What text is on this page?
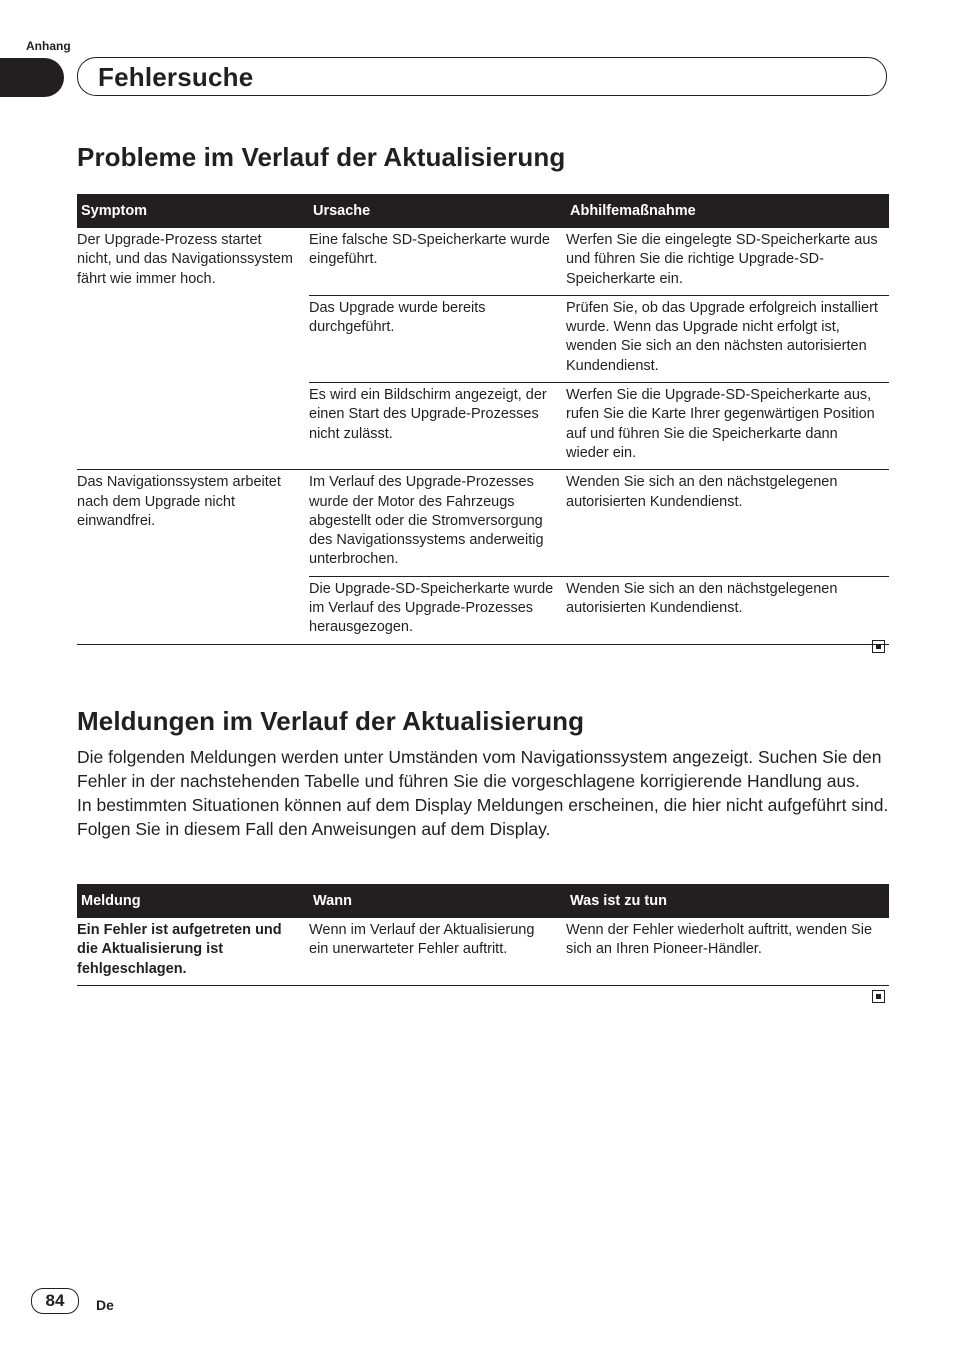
Anhang
Fehlersuche
Probleme im Verlauf der Aktualisierung
Symptom	Ursache	Abhilfemaßnahme
Der Upgrade-Prozess startet nicht, und das Navigationssystem fährt wie immer hoch.	Eine falsche SD-Speicherkarte wurde eingeführt.	Werfen Sie die eingelegte SD-Speicherkarte aus und führen Sie die richtige Upgrade-SD-Speicherkarte ein.
	Das Upgrade wurde bereits durchgeführt.	Prüfen Sie, ob das Upgrade erfolgreich installiert wurde. Wenn das Upgrade nicht erfolgt ist, wenden Sie sich an den nächsten autorisierten Kundendienst.
	Es wird ein Bildschirm angezeigt, der einen Start des Upgrade-Prozesses nicht zulässt.	Werfen Sie die Upgrade-SD-Speicherkarte aus, rufen Sie die Karte Ihrer gegenwärtigen Position auf und führen Sie die Speicherkarte dann wieder ein.
Das Navigationssystem arbeitet nach dem Upgrade nicht einwandfrei.	Im Verlauf des Upgrade-Prozesses wurde der Motor des Fahrzeugs abgestellt oder die Stromversorgung des Navigationssystems anderweitig unterbrochen.	Wenden Sie sich an den nächstgelegenen autorisierten Kundendienst.
	Die Upgrade-SD-Speicherkarte wurde im Verlauf des Upgrade-Prozesses herausgezogen.	Wenden Sie sich an den nächstgelegenen autorisierten Kundendienst.
Meldungen im Verlauf der Aktualisierung

Die folgenden Meldungen werden unter Umständen vom Navigationssystem angezeigt. Suchen Sie den Fehler in der nachstehenden Tabelle und führen Sie die vorgeschlagene korrigierende Handlung aus.

In bestimmten Situationen können auf dem Display Meldungen erscheinen, die hier nicht aufgeführt sind. Folgen Sie in diesem Fall den Anweisungen auf dem Display.

Meldung	Wann	Was ist zu tun
Ein Fehler ist aufgetreten und die Aktualisierung ist fehlgeschlagen.	Wenn im Verlauf der Aktualisierung ein unerwarteter Fehler auftritt.	Wenn der Fehler wiederholt auftritt, wenden Sie sich an Ihren Pioneer-Händler.
84	De
